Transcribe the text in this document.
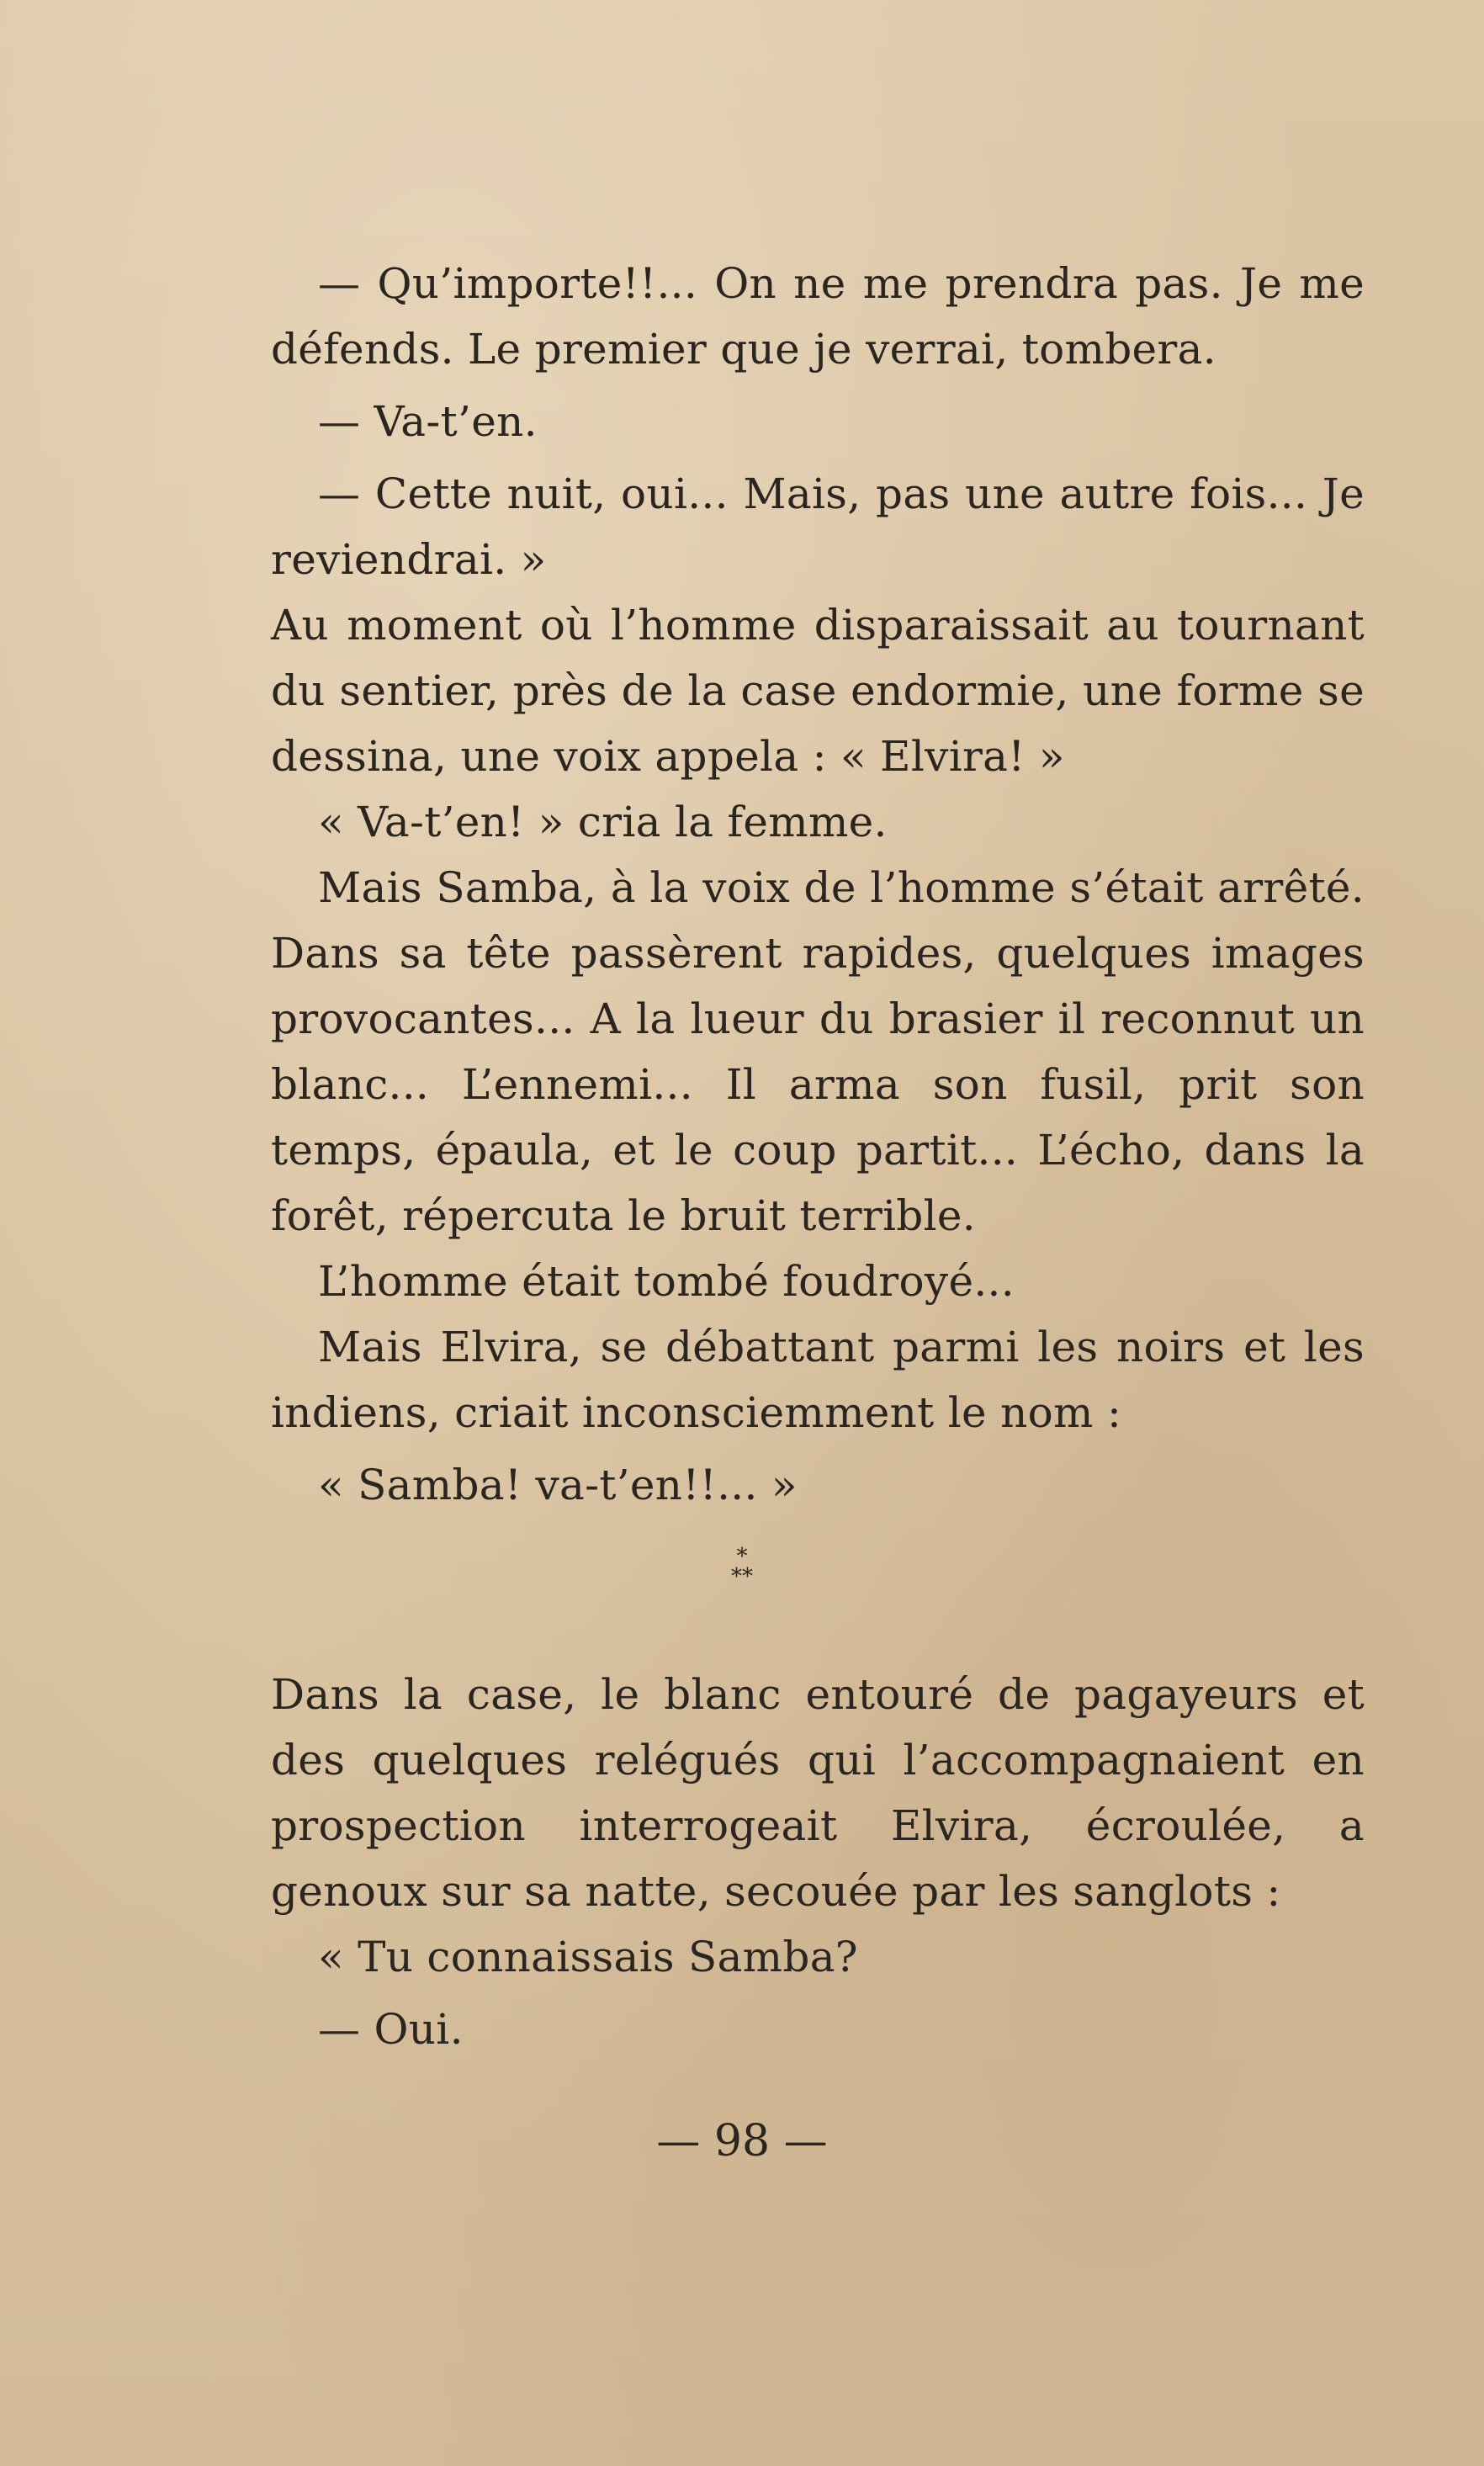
— Qu’importe!!... On ne me prendra pas. Je me défends. Le premier que je verrai, tombera.

— Va-t’en.

— Cette nuit, oui... Mais, pas une autre fois... Je reviendrai. »

Au moment où l’homme disparaissait au tournant du sentier, près de la case endormie, une forme se dessina, une voix appela : « Elvira! »

« Va-t’en! » cria la femme.

Mais Samba, à la voix de l’homme s’était arrêté. Dans sa tête passèrent rapides, quelques images provocantes... A la lueur du brasier il reconnut un blanc... L’ennemi... Il arma son fusil, prit son temps, épaula, et le coup partit... L’écho, dans la forêt, répercuta le bruit terrible.

L’homme était tombé foudroyé...

Mais Elvira, se débattant parmi les noirs et les indiens, criait inconsciemment le nom :

« Samba! va-t’en!!... »

*
**

Dans la case, le blanc entouré de pagayeurs et des quelques relégués qui l’accompagnaient en prospection interrogeait Elvira, écroulée, a genoux sur sa natte, secouée par les sanglots :

« Tu connaissais Samba?

— Oui.

— 98 —
